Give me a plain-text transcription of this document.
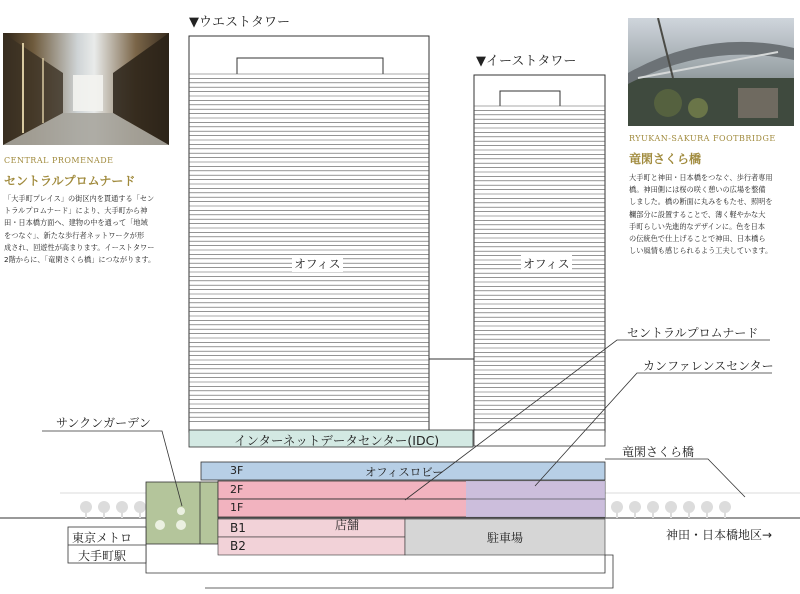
CENTRAL PROMENADE
セントラルプロムナード

「大手町プレイス」の街区内を貫通する「セン

トラルプロムナード」により、大手町から神

田・日本橋方面へ、建物の中を通って「地域

をつなぐ」、新たな歩行者ネットワークが形

成され、回遊性が高まります。イーストタワー

2階からに、「竜閑さくら橋」につながります。

RYUKAN-SAKURA FOOTBRIDGE
竜閑さくら橋

大手町と神田・日本橋をつなぐ、歩行者専用

橋。神田側には桜の咲く憩いの広場を整備

しました。橋の断面に丸みをもたせ、照明を

欄部分に設置することで、薄く軽やかな大

手町らしい先進的なデザインに。色を日本

の伝統色で仕上げることで神田、日本橋ら

しい風情も感じられるよう工夫しています。

▼ウエストタワー
▼イーストタワー
オフィス	オフィス
インターネットデータセンター(IDC)
セントラルプロムナード
カンファレンスセンター
竜閑さくら橋
サンクンガーデン
神田・日本橋地区→
東京メトロ
大手町駅
3F
2F
1F
B1
B2
オフィスロビー
店舗
駐車場
